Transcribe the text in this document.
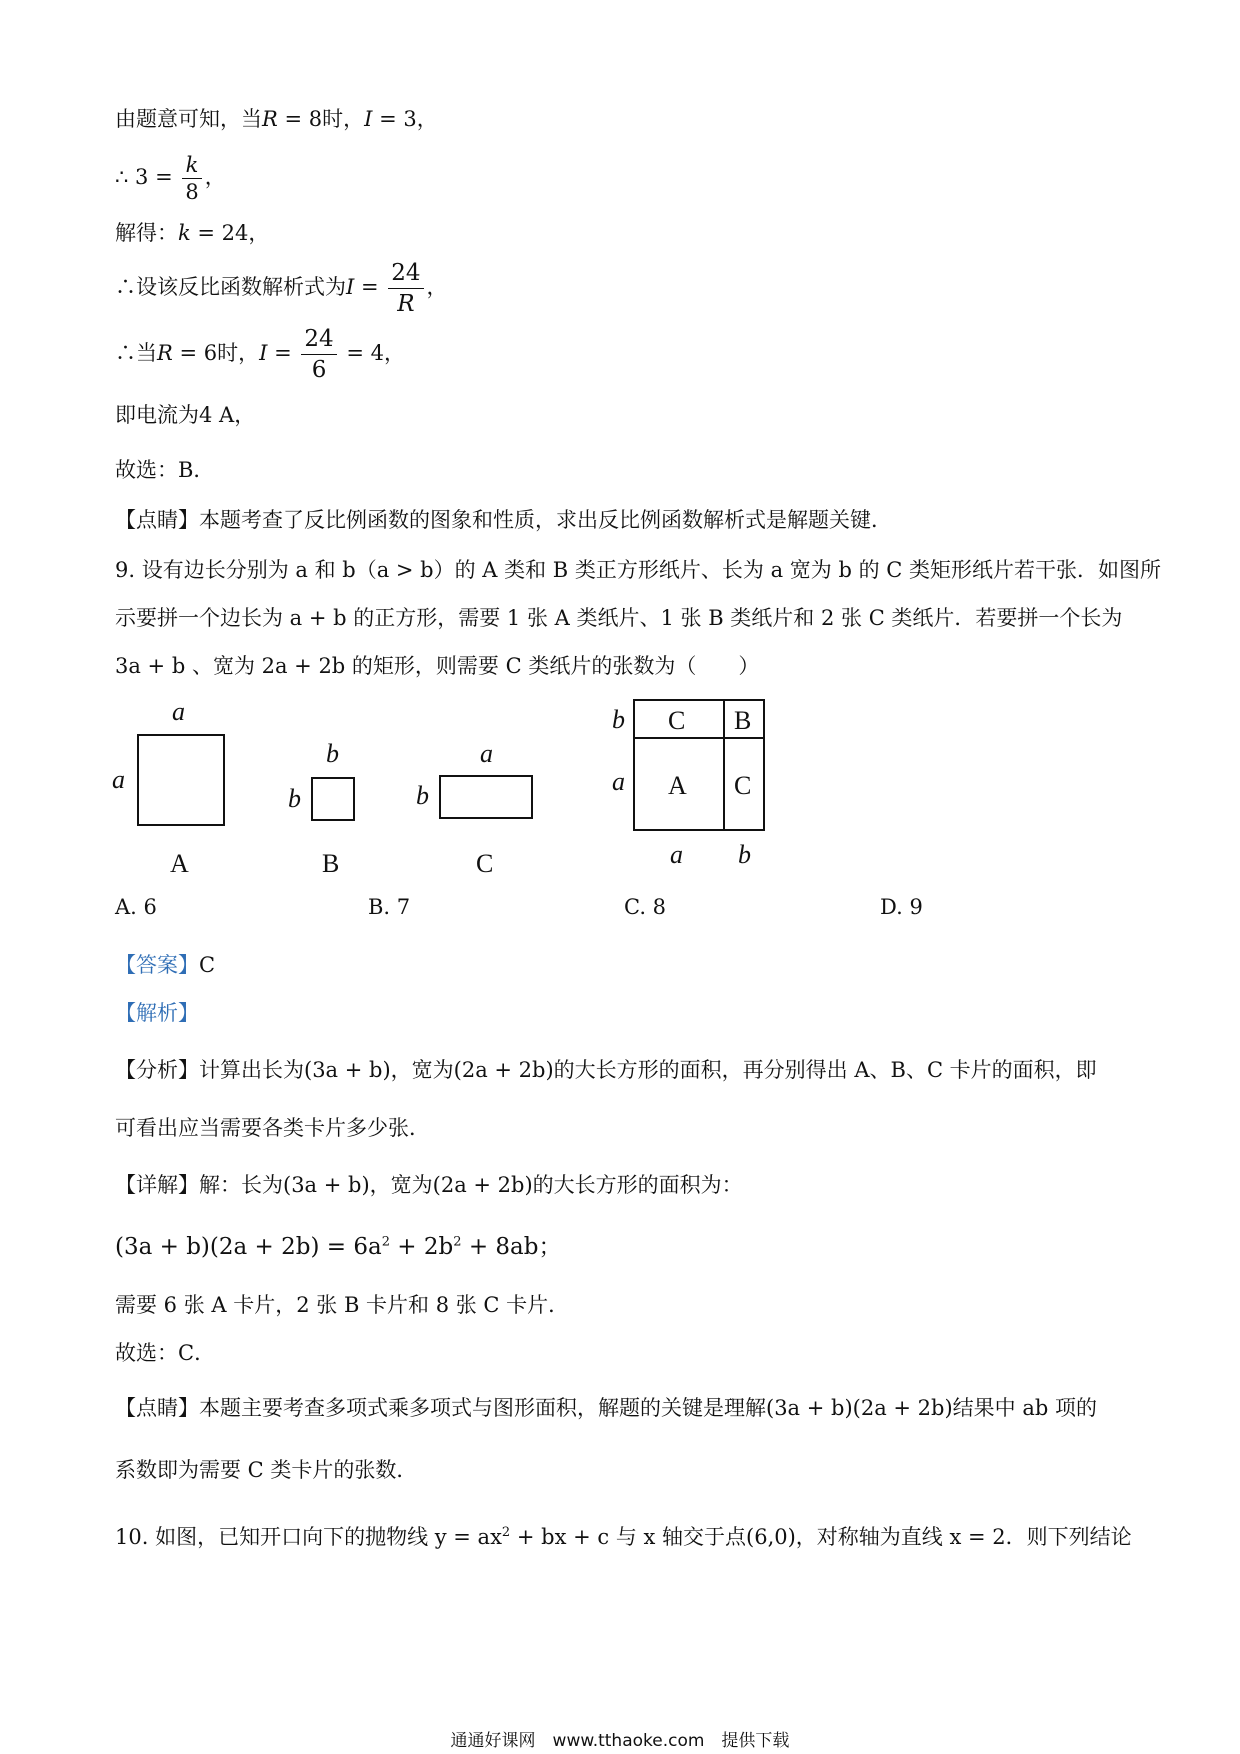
由题意可知，当R = 8时，I = 3，
∴ $3 = \frac{k}{8}$ ，
解得：k = 24，
∴设该反比函数解析式为$I = \frac{24}{R}$ ，
∴当R = 6时，$I = \frac{24}{6} = 4$，
即电流为4 A，
故选：B．
【点睛】本题考查了反比例函数的图象和性质，求出反比例函数解析式是解题关键．
9. 设有边长分别为 a 和 b（a > b）的 A 类和 B 类正方形纸片、长为 a 宽为 b 的 C 类矩形纸片若干张．如图所
示要拼一个边长为 a + b 的正方形，需要 1 张 A 类纸片、1 张 B 类纸片和 2 张 C 类纸片．若要拼一个长为
3a + b 、宽为 2a + 2b 的矩形，则需要 C 类纸片的张数为（　　）
a
a
b
b
a
b
b
a
a b
A	B	C
C B
A C
A. 6	B. 7	C. 8	D. 9
【答案】C
【解析】
【分析】计算出长为(3a + b)，宽为(2a + 2b)的大长方形的面积，再分别得出 A、B、C 卡片的面积，即
可看出应当需要各类卡片多少张．
【详解】解：长为(3a + b)，宽为(2a + 2b)的大长方形的面积为：
$(3a + b)(2a + 2b) = 6a^2 + 2b^2 + 8ab$；
需要 6 张 A 卡片，2 张 B 卡片和 8 张 C 卡片．
故选：C．
【点睛】本题主要考查多项式乘多项式与图形面积，解题的关键是理解(3a + b)(2a + 2b)结果中 ab 项的
系数即为需要 C 类卡片的张数．
10. 如图，已知开口向下的抛物线 $y = ax^2$ + bx + c 与 x 轴交于点(6,0)，对称轴为直线 x = 2．则下列结论
通通好课网　www.tthaoke.com　提供下载
